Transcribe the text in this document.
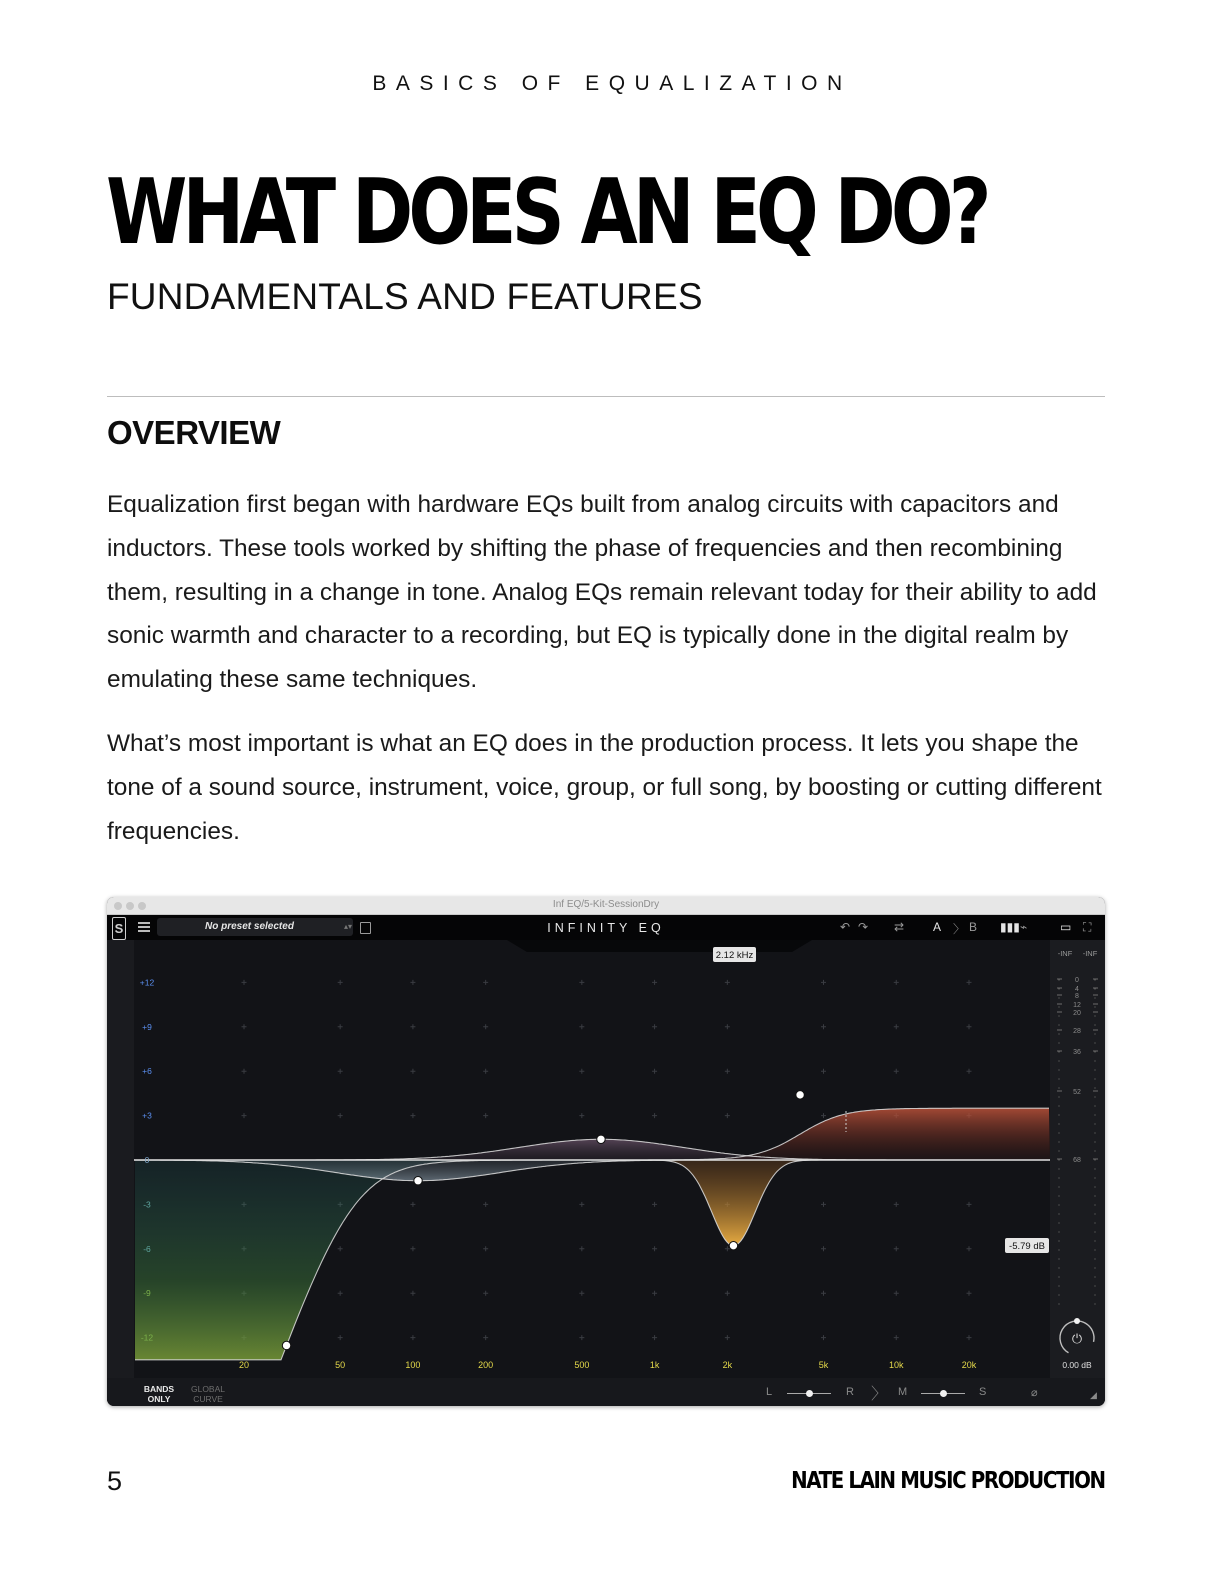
BASICS OF EQUALIZATION
WHAT DOES AN EQ DO?
FUNDAMENTALS AND FEATURES
OVERVIEW

Equalization first began with hardware EQs built from analog circuits with capacitors and inductors. These tools worked by shifting the phase of frequencies and then recombining them, resulting in a change in tone. Analog EQs remain relevant today for their ability to add sonic warmth and character to a recording, but EQ is typically done in the digital realm by emulating these same techniques.

What’s most important is what an EQ does in the production process. It lets you shape the tone of a sound source, instrument, voice, group, or full song, by boosting or cutting different frequencies.

Inf EQ/5-Kit-SessionDry
S	No preset selected	▴▾	INFINITY EQ	↶ ↷ ⇄ A 〉 B ▮▮▮ ⌁	▭ ⛶
+12
+9
+6
+3
0
-3
-6
-9
-12
20	50	100	200	500	1k	2k	5k	10k	20k
2.12 kHz
-5.79 dB
-INF -INF
0
4
8
12
20
28
36
52
68
⏻
0.00 dB
BANDS
ONLY
GLOBAL
CURVE
L	R 〉 M	S	⌀	◢
5	NATE LAIN MUSIC PRODUCTION
